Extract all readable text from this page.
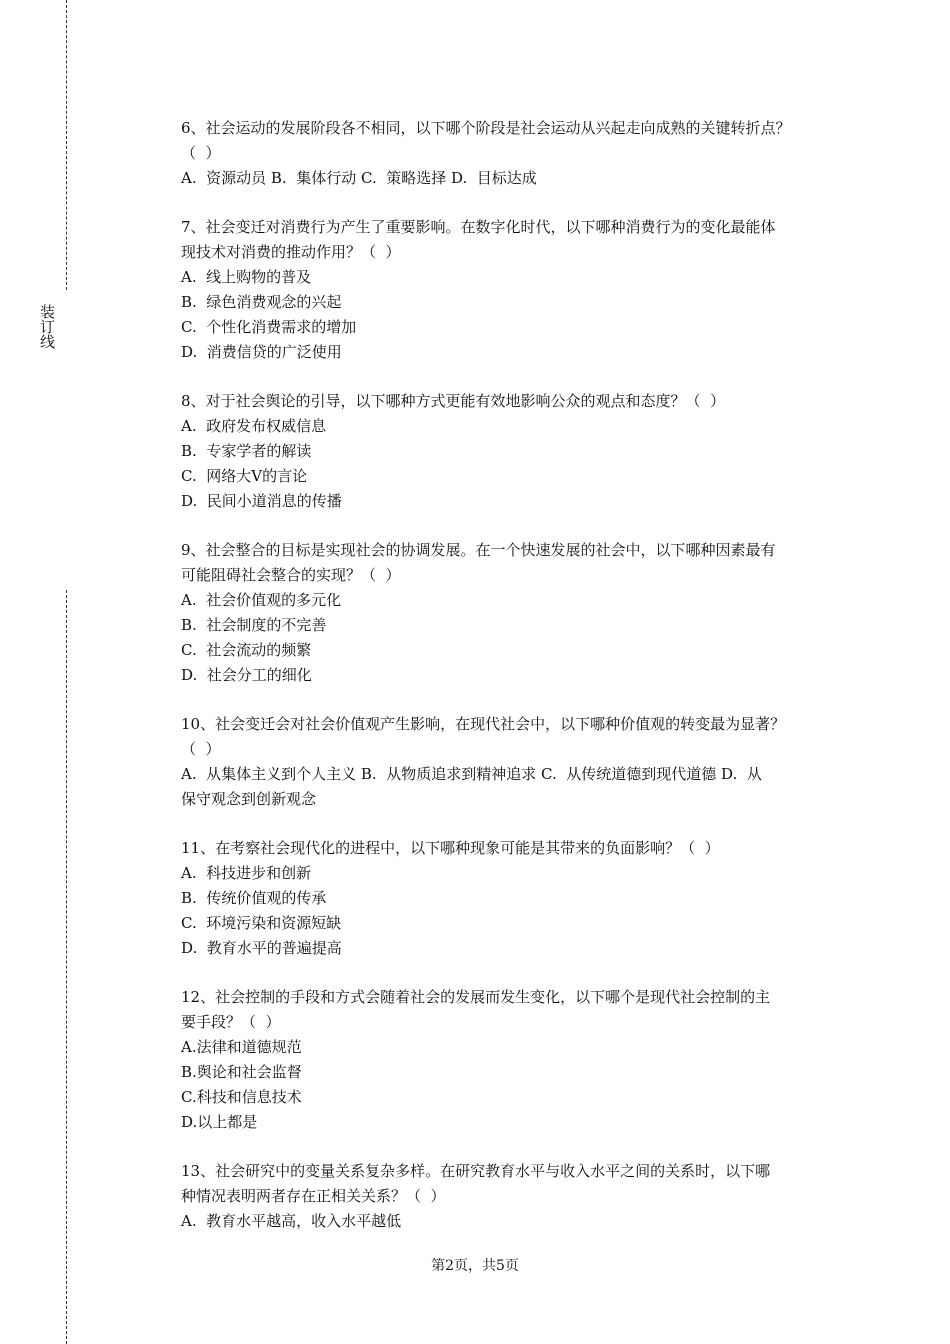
装订线

6、社会运动的发展阶段各不相同，以下哪个阶段是社会运动从兴起走向成熟的关键转折点？

（  ）

A.  资源动员 B.  集体行动 C.  策略选择 D.  目标达成

7、社会变迁对消费行为产生了重要影响。在数字化时代，以下哪种消费行为的变化最能体

现技术对消费的推动作用？（  ）

A.  线上购物的普及

B.  绿色消费观念的兴起

C.  个性化消费需求的增加

D.  消费信贷的广泛使用

8、对于社会舆论的引导，以下哪种方式更能有效地影响公众的观点和态度？（  ）

A.  政府发布权威信息

B.  专家学者的解读

C.  网络大V的言论

D.  民间小道消息的传播

9、社会整合的目标是实现社会的协调发展。在一个快速发展的社会中，以下哪种因素最有

可能阻碍社会整合的实现？（  ）

A.  社会价值观的多元化

B.  社会制度的不完善

C.  社会流动的频繁

D.  社会分工的细化

10、社会变迁会对社会价值观产生影响，在现代社会中，以下哪种价值观的转变最为显著？

（  ）

A.  从集体主义到个人主义 B.  从物质追求到精神追求 C.  从传统道德到现代道德 D.  从

保守观念到创新观念

11、在考察社会现代化的进程中，以下哪种现象可能是其带来的负面影响？（  ）

A.  科技进步和创新

B.  传统价值观的传承

C.  环境污染和资源短缺

D.  教育水平的普遍提高

12、社会控制的手段和方式会随着社会的发展而发生变化，以下哪个是现代社会控制的主

要手段？（  ）

A.法律和道德规范

B.舆论和社会监督

C.科技和信息技术

D.以上都是

13、社会研究中的变量关系复杂多样。在研究教育水平与收入水平之间的关系时，以下哪

种情况表明两者存在正相关关系？（  ）

A.  教育水平越高，收入水平越低

第2页，共5页
